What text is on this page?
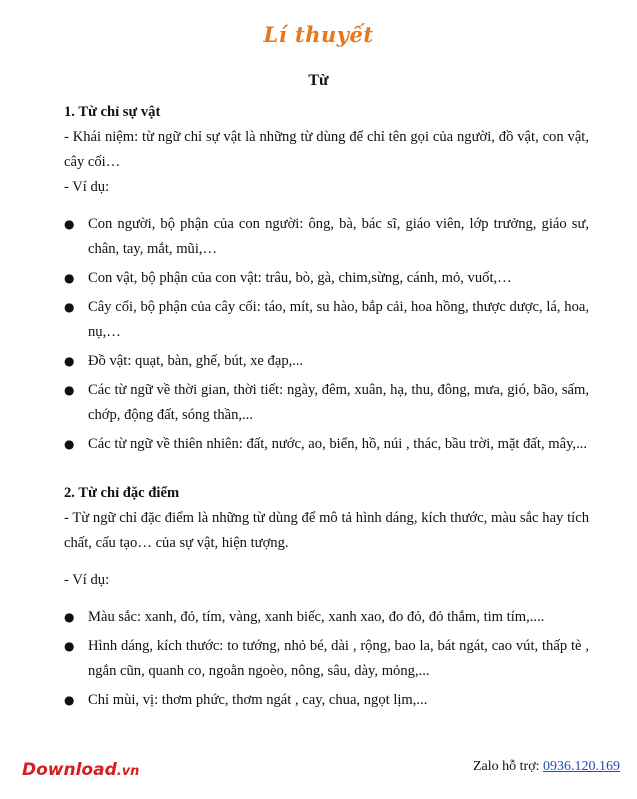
Lí thuyết
Từ

1. Từ chỉ sự vật

- Khái niệm: từ ngữ chỉ sự vật là những từ dùng để chỉ tên gọi của người, đồ vật, con vật, cây cối…

- Ví dụ:

● Con người, bộ phận của con người: ông, bà, bác sĩ, giáo viên, lớp trưởng, giáo sư, chân, tay, mắt, mũi,…
● Con vật, bộ phận của con vật: trâu, bò, gà, chim,sừng, cánh, mỏ, vuốt,…
● Cây cối, bộ phận của cây cối: táo, mít, su hào, bắp cải, hoa hồng, thược dược, lá, hoa, nụ,…
● Đồ vật: quạt, bàn, ghế, bút, xe đạp,...
● Các từ ngữ về thời gian, thời tiết: ngày, đêm, xuân, hạ, thu, đông, mưa, gió, bão, sấm, chớp, động đất, sóng thần,...
● Các từ ngữ về thiên nhiên: đất, nước, ao, biển, hồ, núi , thác, bầu trời, mặt đất, mây,...

2. Từ chỉ đặc điểm

- Từ ngữ chỉ đặc điểm là những từ dùng để mô tả hình dáng, kích thước, màu sắc hay tích chất, cấu tạo… của sự vật, hiện tượng.

- Ví dụ:

● Màu sắc: xanh, đỏ, tím, vàng, xanh biếc, xanh xao, đo đỏ, đỏ thắm, tim tím,....
● Hình dáng, kích thước: to tướng, nhỏ bé, dài , rộng, bao la, bát ngát, cao vút, thấp tè , ngắn cũn, quanh co, ngoằn ngoèo, nông, sâu, dày, mỏng,...
● Chỉ mùi, vị: thơm phức, thơm ngát , cay, chua, ngọt lịm,...
Download.vn	Zalo hỗ trợ: 0936.120.169
